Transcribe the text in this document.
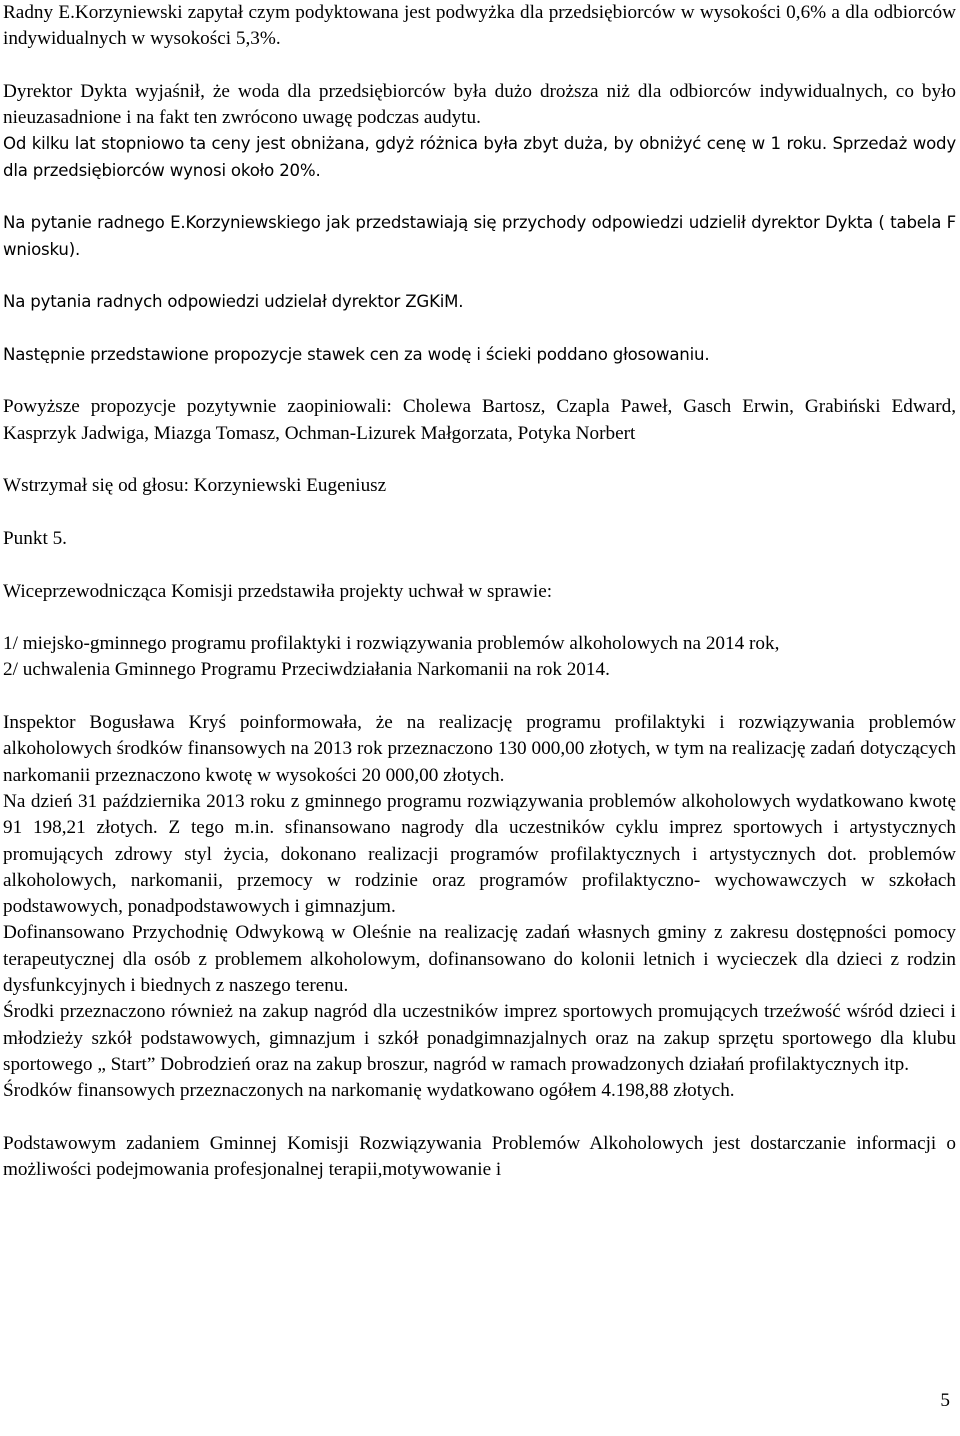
Radny E.Korzyniewski zapytał czym podyktowana jest podwyżka dla przedsiębiorców w wysokości 0,6% a dla odbiorców indywidualnych w wysokości 5,3%.

Dyrektor Dykta wyjaśnił, że woda dla przedsiębiorców była dużo droższa niż dla odbiorców indywidualnych, co było nieuzasadnione i na fakt ten zwrócono uwagę podczas audytu.

Od kilku lat stopniowo ta ceny jest obniżana, gdyż różnica była zbyt duża, by obniżyć cenę w 1 roku. Sprzedaż wody dla przedsiębiorców wynosi około 20%.

Na pytanie radnego E.Korzyniewskiego jak przedstawiają się przychody odpowiedzi udzielił dyrektor Dykta ( tabela F wniosku).

Na pytania radnych odpowiedzi udzielał dyrektor ZGKiM.

Następnie przedstawione propozycje stawek cen za wodę i ścieki poddano głosowaniu.

Powyższe propozycje pozytywnie zaopiniowali: Cholewa Bartosz, Czapla Paweł, Gasch Erwin, Grabiński Edward, Kasprzyk Jadwiga, Miazga Tomasz, Ochman-Lizurek Małgorzata, Potyka Norbert

Wstrzymał się od głosu: Korzyniewski Eugeniusz

Punkt 5.

Wiceprzewodnicząca Komisji przedstawiła projekty uchwał w sprawie:

1/ miejsko-gminnego programu profilaktyki i rozwiązywania problemów alkoholowych na 2014 rok,

2/ uchwalenia Gminnego Programu Przeciwdziałania Narkomanii na rok 2014.

Inspektor Bogusława Kryś poinformowała, że na realizację programu profilaktyki i rozwiązywania problemów alkoholowych środków finansowych na 2013 rok przeznaczono 130 000,00 złotych, w tym na realizację zadań dotyczących narkomanii przeznaczono kwotę w wysokości 20 000,00 złotych.

Na dzień 31 października 2013 roku z gminnego programu rozwiązywania problemów alkoholowych wydatkowano kwotę 91 198,21 złotych. Z tego m.in. sfinansowano nagrody dla uczestników cyklu imprez sportowych i artystycznych promujących zdrowy styl życia, dokonano realizacji programów profilaktycznych i artystycznych dot. problemów alkoholowych, narkomanii, przemocy w rodzinie oraz programów profilaktyczno- wychowawczych w szkołach podstawowych, ponadpodstawowych i gimnazjum.

Dofinansowano Przychodnię Odwykową w Oleśnie na realizację zadań własnych gminy z zakresu dostępności pomocy terapeutycznej dla osób z problemem alkoholowym, dofinansowano do kolonii letnich i wycieczek dla dzieci z rodzin dysfunkcyjnych i biednych z naszego terenu.

Środki przeznaczono również na zakup nagród dla uczestników imprez sportowych promujących trzeźwość wśród dzieci i młodzieży szkół podstawowych, gimnazjum i szkół ponadgimnazjalnych oraz na zakup sprzętu sportowego dla klubu sportowego „ Start” Dobrodzień oraz na zakup broszur, nagród w ramach prowadzonych działań profilaktycznych itp.

Środków finansowych przeznaczonych na narkomanię wydatkowano ogółem 4.198,88 złotych.

Podstawowym zadaniem Gminnej Komisji Rozwiązywania Problemów Alkoholowych jest dostarczanie informacji o możliwości podejmowania profesjonalnej terapii,motywowanie i

5
